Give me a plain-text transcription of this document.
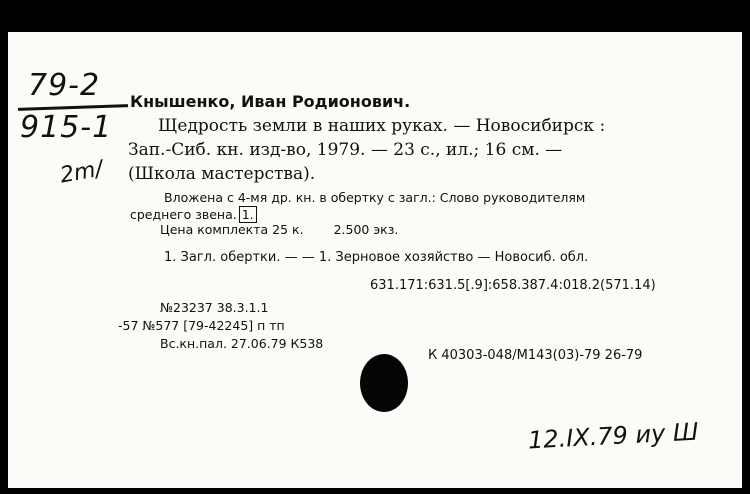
79-2
915-1
2m/
Кнышенко, Иван Родионович.
Щедрость земли в наших руках. — Новосибирск :
Зап.-Сиб. кн. изд-во, 1979. — 23 с., ил.; 16 см. —
(Школа мастерства).
Вложена с 4-мя др. кн. в обертку с загл.: Слово руководителям
среднего звена. 1.
Цена комплекта 25 к. 2.500 экз.
1. Загл. обертки. — — 1. Зерновое хозяйство — Новосиб. обл.
631.171:631.5[.9]:658.387.4:018.2(571.14)
№23237 38.3.1.1
-57 №577 [79-42245] п тп
Вс.кн.пал. 27.06.79 К538
К 40303-048/М143(03)-79 26-79
12.IX.79 иу Ш
